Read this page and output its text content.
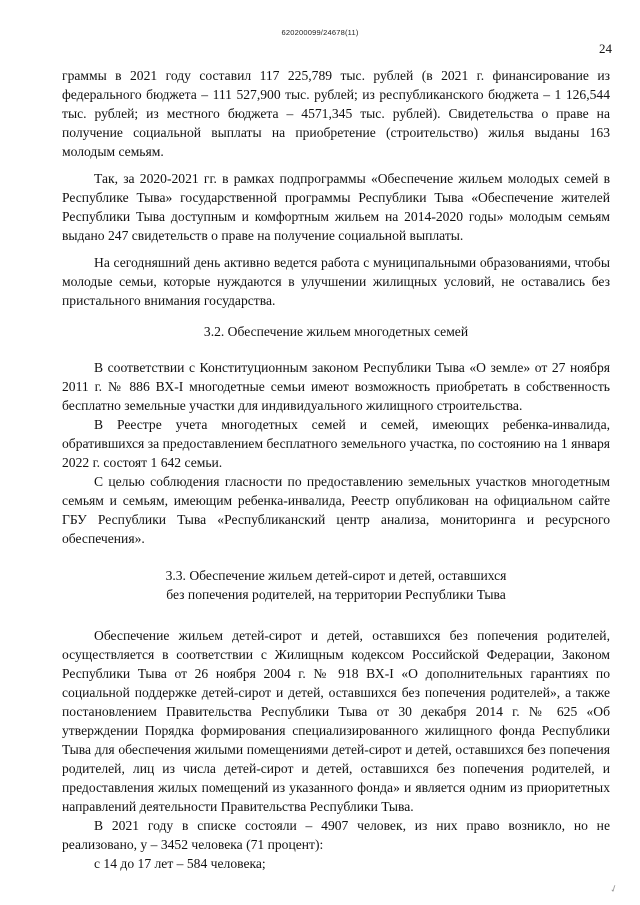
620200099/24678(11)
24

граммы в 2021 году составил 117 225,789 тыс. рублей (в 2021 г. финансирование из федерального бюджета – 111 527,900 тыс. рублей; из республиканского бюджета – 1 126,544 тыс. рублей; из местного бюджета – 4571,345 тыс. рублей). Свидетельства о праве на получение социальной выплаты на приобретение (строительство) жилья выданы 163 молодым семьям.

Так, за 2020-2021 гг. в рамках подпрограммы «Обеспечение жильем молодых семей в Республике Тыва» государственной программы Республики Тыва «Обеспечение жителей Республики Тыва доступным и комфортным жильем на 2014-2020 годы» молодым семьям выдано 247 свидетельств о праве на получение социальной выплаты.

На сегодняшний день активно ведется работа с муниципальными образованиями, чтобы молодые семьи, которые нуждаются в улучшении жилищных условий, не оставались без пристального внимания государства.

3.2. Обеспечение жильем многодетных семей

В соответствии с Конституционным законом Республики Тыва «О земле» от 27 ноября 2011 г. № 886 ВХ-I многодетные семьи имеют возможность приобретать в собственность бесплатно земельные участки для индивидуального жилищного строительства.

В Реестре учета многодетных семей и семей, имеющих ребенка-инвалида, обратившихся за предоставлением бесплатного земельного участка, по состоянию на 1 января 2022 г. состоят 1 642 семьи.

С целью соблюдения гласности по предоставлению земельных участков многодетным семьям и семьям, имеющим ребенка-инвалида, Реестр опубликован на официальном сайте ГБУ Республики Тыва «Республиканский центр анализа, мониторинга и ресурсного обеспечения».

3.3. Обеспечение жильем детей-сирот и детей, оставшихся
без попечения родителей, на территории Республики Тыва

Обеспечение жильем детей-сирот и детей, оставшихся без попечения родителей, осуществляется в соответствии с Жилищным кодексом Российской Федерации, Законом Республики Тыва от 26 ноября 2004 г. № 918 ВХ-I «О дополнительных гарантиях по социальной поддержке детей-сирот и детей, оставшихся без попечения родителей», а также постановлением Правительства Республики Тыва от 30 декабря 2014 г. № 625 «Об утверждении Порядка формирования специализированного жилищного фонда Республики Тыва для обеспечения жилыми помещениями детей-сирот и детей, оставшихся без попечения родителей, лиц из числа детей-сирот и детей, оставшихся без попечения родителей, и предоставления жилых помещений из указанного фонда» и является одним из приоритетных направлений деятельности Правительства Республики Тыва.

В 2021 году в списке состояли – 4907 человек, из них право возникло, но не реализовано, у – 3452 человека (71 процент):

с 14 до 17 лет – 584 человека;

✓
